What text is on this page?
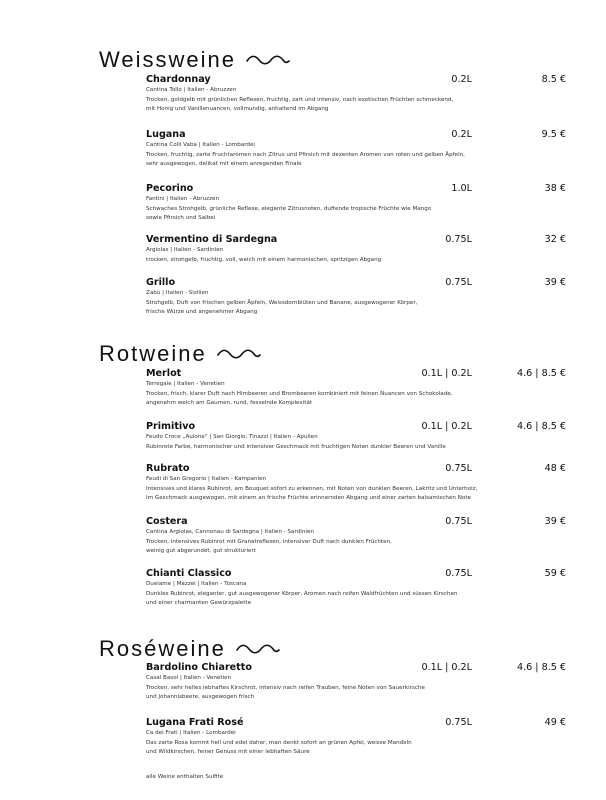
Weissweine
Chardonnay	0.2L	8.5 €
Cantina Tollo | Italien - Abruzzen
Trocken, goldgelb mit grünlichen Reflexen, fruchtig, zart und intensiv, nach exotischen Früchten schmeckend,
mit Honig und Vanillenuancen, vollmundig, anhaltend im Abgang
Lugana	0.2L	9.5 €
Cantina Colli Vaba | Italien - Lombardei
Trocken, fruchtig, zarte Fruchtaromen nach Zitrus und Pfirsich mit dezenten Aromen von roten und gelben Äpfeln,
sehr ausgewogen, delikat mit einem anregenden Finale
Pecorino	1.0L	38 €
Fantini | Italien - Abruzzen
Schwaches Strohgelb, grünliche Reflexe, elegante Zitrusnoten, duftende tropische Früchte wie Mango
sowie Pfirsich und Salbei
Vermentino di Sardegna	0.75L	32 €
Argiolas | Italien - Sardinien
trocken, strohgelb, fruchtig, voll, weich mit einem harmonischen, spritzigen Abgang
Grillo	0.75L	39 €
Zabu | Italien - Sizilien
Strohgelb, Duft von frischen gelben Äpfeln, Weissdornblüten und Banane, ausgewogener Körper,
frische Würze und angenehmer Abgang
Rotweine
Merlot	0.1L | 0.2L	4.6 | 8.5 €
Terregaie | Italien - Venetien
Trocken, frisch, klarer Duft nach Himbeeren und Brombeeren kombiniert mit feinen Nuancen von Schokolade,
angenehm weich am Gaumen, rund, fesselnde Komplexität
Primitivo	0.1L | 0.2L	4.6 | 8.5 €
Feudo Croce „Aulone“ | San Giorgio, Tinazzi | Italien - Apulien
Rubinrote Farbe, harmonischer und intensiver Geschmack mit fruchtigen Noten dunkler Beeren und Vanille
Rubrato	0.75L	48 €
Feudi di San Gregorio | Italien - Kampanien
Intensives und klares Rubinrot, am Bouquet sofort zu erkennen, mit Noten von dunklen Beeren, Lakritz und Unterholz,
Im Geschmack ausgewogen, mit einem an frische Früchte erinnernden Abgang und einer zarten balsamischen Note
Costera	0.75L	39 €
Cantina Argiolas, Cannonau di Sardegna | Italien - Sardinien
Trocken, intensives Rubinrot mit Granatreflexen, intensiver Duft nach dunklen Früchten,
weinig gut abgerundet, gut strukturiert
Chianti Classico	0.75L	59 €
Duelame | Mazzei | Italien - Toscana
Dunkles Rubinrot, eleganter, gut ausgewogener Körper, Aromen nach reifen Waldfrüchten und süssen Kirschen
und einer charmanten Gewürzpalette
Roséweine
Bardolino Chiaretto	0.1L | 0.2L	4.6 | 8.5 €
Casal Basol | Italien - Venetien
Trocken, sehr helles lebhaftes Kirschrot, intensiv nach reifen Trauben, feine Noten von Sauerkirsche
und Johannisbeere, ausgewogen frisch
Lugana Frati Rosé	0.75L	49 €
Ca dei Frati | Italien - Lombardei
Das zarte Rosa kommt hell und edel daher, man denkt sofort an grünen Apfel, weisse Mandeln
und Wildkirschen, feiner Genuss mit einer lebhaften Säure
alle Weine enthalten Sulfite
